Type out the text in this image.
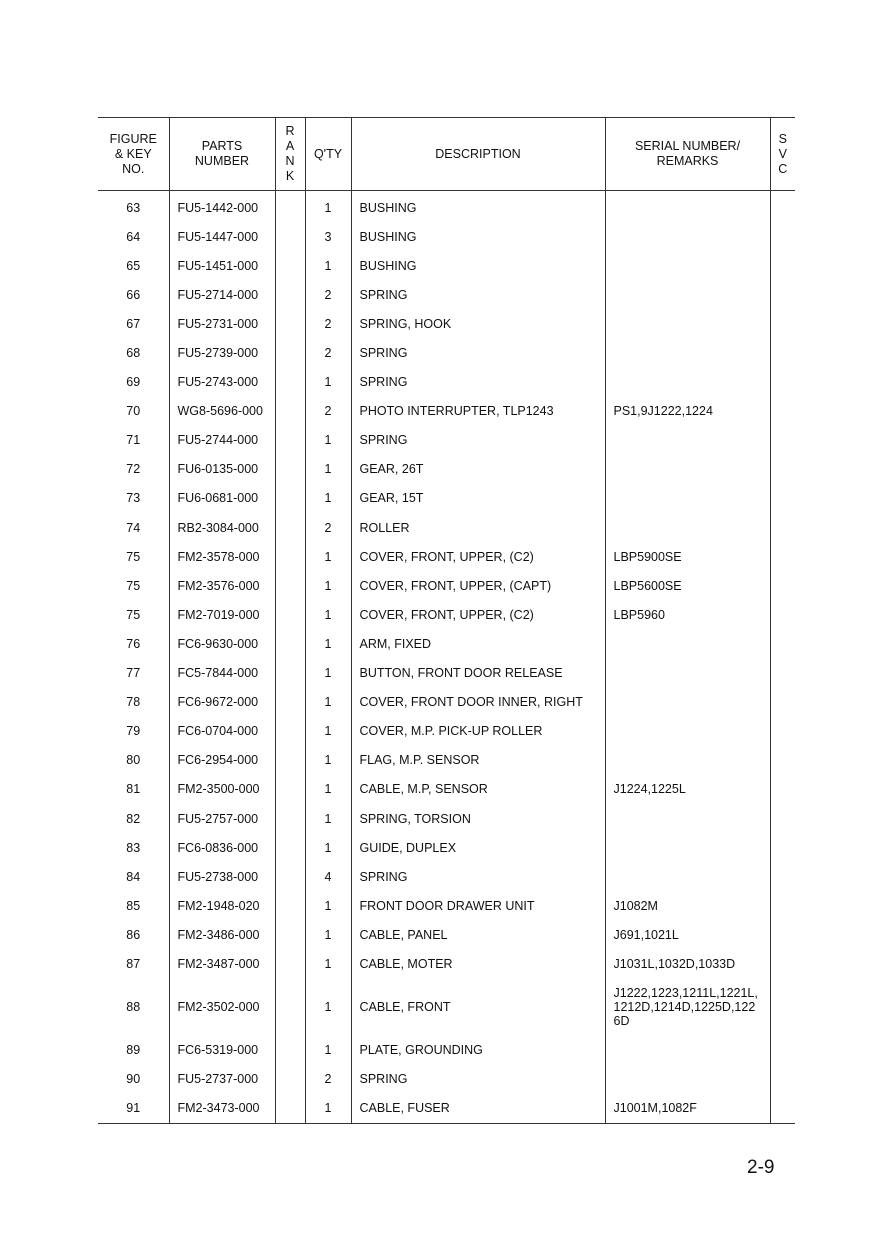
FIGURE
& KEY
NO.	PARTS
NUMBER	R
A
N
K	Q'TY	DESCRIPTION	SERIAL NUMBER/
REMARKS	S
V
C
63	FU5-1442-000		1	BUSHING		
64	FU5-1447-000		3	BUSHING		
65	FU5-1451-000		1	BUSHING		
66	FU5-2714-000		2	SPRING		
67	FU5-2731-000		2	SPRING, HOOK		
68	FU5-2739-000		2	SPRING		
69	FU5-2743-000		1	SPRING		
70	WG8-5696-000		2	PHOTO INTERRUPTER, TLP1243	PS1,9J1222,1224	
71	FU5-2744-000		1	SPRING		
72	FU6-0135-000		1	GEAR, 26T		
73	FU6-0681-000		1	GEAR, 15T		
74	RB2-3084-000		2	ROLLER		
75	FM2-3578-000		1	COVER, FRONT, UPPER, (C2)	LBP5900SE	
75	FM2-3576-000		1	COVER, FRONT, UPPER, (CAPT)	LBP5600SE	
75	FM2-7019-000		1	COVER, FRONT, UPPER, (C2)	LBP5960	
76	FC6-9630-000		1	ARM, FIXED		
77	FC5-7844-000		1	BUTTON, FRONT DOOR RELEASE		
78	FC6-9672-000		1	COVER, FRONT DOOR INNER, RIGHT		
79	FC6-0704-000		1	COVER, M.P. PICK-UP ROLLER		
80	FC6-2954-000		1	FLAG, M.P. SENSOR		
81	FM2-3500-000		1	CABLE, M.P, SENSOR	J1224,1225L	
82	FU5-2757-000		1	SPRING, TORSION		
83	FC6-0836-000		1	GUIDE, DUPLEX		
84	FU5-2738-000		4	SPRING		
85	FM2-1948-020		1	FRONT DOOR DRAWER UNIT	J1082M	
86	FM2-3486-000		1	CABLE, PANEL	J691,1021L	
87	FM2-3487-000		1	CABLE, MOTER	J1031L,1032D,1033D	
88	FM2-3502-000		1	CABLE, FRONT	J1222,1223,1211L,1221L,1212D,1214D,1225D,1226D	
89	FC6-5319-000		1	PLATE, GROUNDING		
90	FU5-2737-000		2	SPRING		
91	FM2-3473-000		1	CABLE, FUSER	J1001M,1082F	
2-9
